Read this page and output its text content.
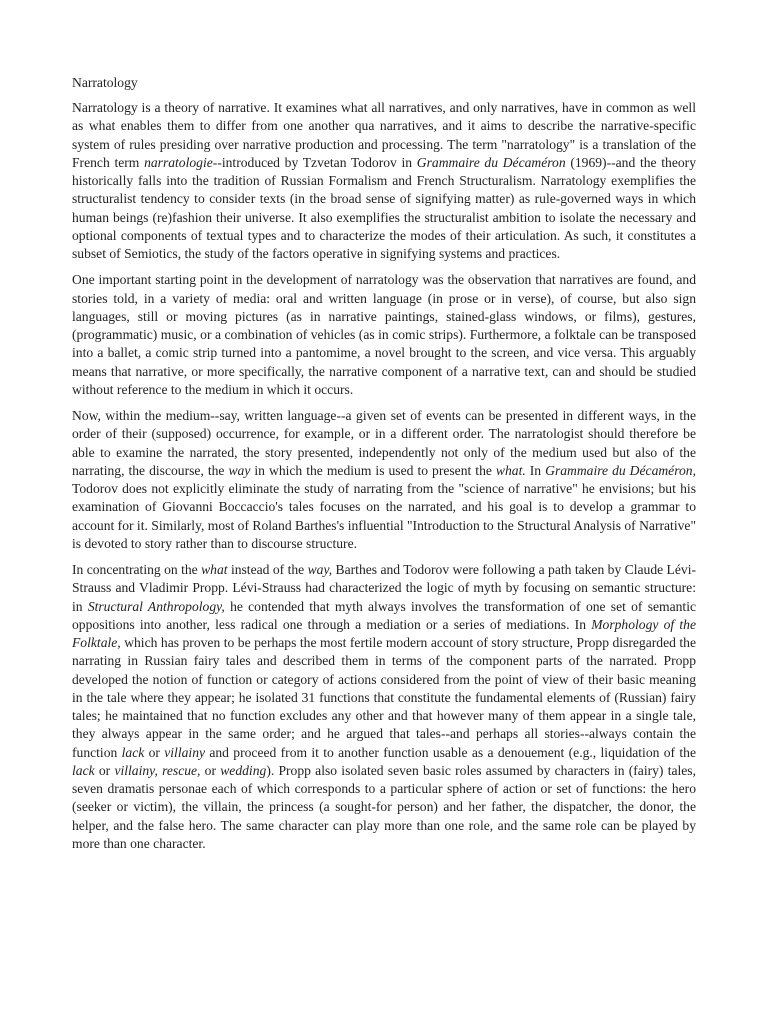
Narratology

Narratology is a theory of narrative. It examines what all narratives, and only narratives, have in common as well as what enables them to differ from one another qua narratives, and it aims to describe the narrative-specific system of rules presiding over narrative production and processing. The term "narratology" is a translation of the French term narratologie--introduced by Tzvetan Todorov in Grammaire du Décaméron (1969)--and the theory historically falls into the tradition of Russian Formalism and French Structuralism. Narratology exemplifies the structuralist tendency to consider texts (in the broad sense of signifying matter) as rule-governed ways in which human beings (re)fashion their universe. It also exemplifies the structuralist ambition to isolate the necessary and optional components of textual types and to characterize the modes of their articulation. As such, it constitutes a subset of Semiotics, the study of the factors operative in signifying systems and practices.

One important starting point in the development of narratology was the observation that narratives are found, and stories told, in a variety of media: oral and written language (in prose or in verse), of course, but also sign languages, still or moving pictures (as in narrative paintings, stained-glass windows, or films), gestures, (programmatic) music, or a combination of vehicles (as in comic strips). Furthermore, a folktale can be transposed into a ballet, a comic strip turned into a pantomime, a novel brought to the screen, and vice versa. This arguably means that narrative, or more specifically, the narrative component of a narrative text, can and should be studied without reference to the medium in which it occurs.

Now, within the medium--say, written language--a given set of events can be presented in different ways, in the order of their (supposed) occurrence, for example, or in a different order. The narratologist should therefore be able to examine the narrated, the story presented, independently not only of the medium used but also of the narrating, the discourse, the way in which the medium is used to present the what. In Grammaire du Décaméron, Todorov does not explicitly eliminate the study of narrating from the "science of narrative" he envisions; but his examination of Giovanni Boccaccio's tales focuses on the narrated, and his goal is to develop a grammar to account for it. Similarly, most of Roland Barthes's influential "Introduction to the Structural Analysis of Narrative" is devoted to story rather than to discourse structure.

In concentrating on the what instead of the way, Barthes and Todorov were following a path taken by Claude Lévi-Strauss and Vladimir Propp. Lévi-Strauss had characterized the logic of myth by focusing on semantic structure: in Structural Anthropology, he contended that myth always involves the transformation of one set of semantic oppositions into another, less radical one through a mediation or a series of mediations. In Morphology of the Folktale, which has proven to be perhaps the most fertile modern account of story structure, Propp disregarded the narrating in Russian fairy tales and described them in terms of the component parts of the narrated. Propp developed the notion of function or category of actions considered from the point of view of their basic meaning in the tale where they appear; he isolated 31 functions that constitute the fundamental elements of (Russian) fairy tales; he maintained that no function excludes any other and that however many of them appear in a single tale, they always appear in the same order; and he argued that tales--and perhaps all stories--always contain the function lack or villainy and proceed from it to another function usable as a denouement (e.g., liquidation of the lack or villainy, rescue, or wedding). Propp also isolated seven basic roles assumed by characters in (fairy) tales, seven dramatis personae each of which corresponds to a particular sphere of action or set of functions: the hero (seeker or victim), the villain, the princess (a sought-for person) and her father, the dispatcher, the donor, the helper, and the false hero. The same character can play more than one role, and the same role can be played by more than one character.
